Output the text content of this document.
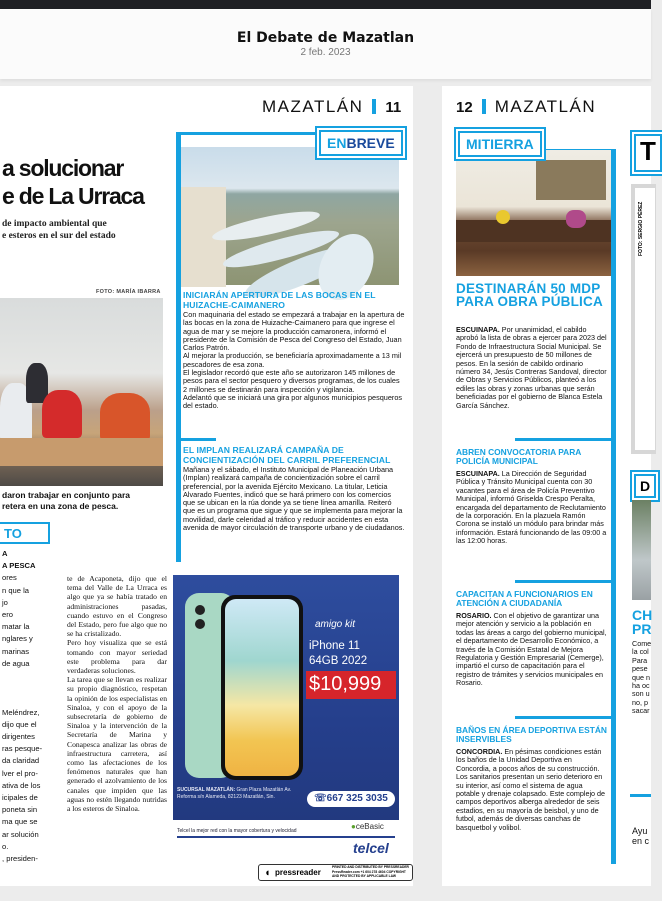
El Debate de Mazatlan
2 feb. 2023
MAZATLÁN 11
a solucionar
e de La Urraca
de impacto ambiental que
e esteros en el sur del estado
FOTO: MARÍA IBARRA
daron trabajar en conjunto para
retera en una zona de pesca.
TO
A
A PESCA
ores
n que la
jo
ero
matar la
nglares y
marinas
de agua

Meléndrez,
dijo que el
dirigentes
ras pesque-
da claridad
lver el pro-
ativa de los
icipales de
poneta sin
ma que se
ar solución
o.
, presiden-
te de Acaponeta, dijo que el tema del Valle de La Urraca es algo que ya se había tratado en administraciones pasadas, cuando estuvo en el Congreso del Estado, pero fue algo que no se ha cristalizado.
Pero hoy visualiza que se está tomando con mayor seriedad este problema para dar verdaderas soluciones.
La tarea que se llevan es realizar su propio diagnóstico, respetan la opinión de los especialistas en Sinaloa, y con el apoyo de la subsecretaría de gobierno de Sinaloa y la intervención de la Secretaría de Marina y Conapesca analizar las obras de infraestructura carretera, así como las afectaciones de los fenómenos naturales que han generado el azolvamiento de los canales que impiden que las aguas no estén llegando nutridas a los esteros de Sinaloa.
ENBREVE
INICIARÁN APERTURA DE LAS BOCAS EN EL HUIZACHE-CAIMANERO
Con maquinaria del estado se empezará a trabajar en la apertura de las bocas en la zona de Huizache-Caimanero para que ingrese el agua de mar y se mejore la producción camaronera, informó el presidente de la Comisión de Pesca del Congreso del Estado, Juan Carlos Patrón.
Al mejorar la producción, se beneficiaría aproximadamente a 13 mil pescadores de esa zona.
El legislador recordó que este año se autorizaron 145 millones de pesos para el sector pesquero y diversos programas, de los cuales 2 millones se destinarán para inspección y vigilancia.
Adelantó que se iniciará una gira por algunos municipios pesqueros del estado.
EL IMPLAN REALIZARÁ CAMPAÑA DE CONCIENTIZACIÓN DEL CARRIL PREFERENCIAL
Mañana y el sábado, el Instituto Municipal de Planeación Urbana (Implan) realizará campaña de concientización sobre el carril preferencial, por la avenida Ejército Mexicano. La titular, Leticia Alvarado Fuentes, indicó que se hará primero con los comercios que se ubican en la rúa donde ya se tiene línea amarilla. Reiteró que es un programa que sigue y que se implementa para mejorar la movilidad, darle celeridad al tráfico y reducir accidentes en esta avenida de mayor circulación de transporte urbano y de ciudadanos.
amigo kit
iPhone 11
64GB 2022
$10,999
SUCURSAL MAZATLÁN: Gran Plaza Mazatlán Av. Reforma s/n Alameda, 82123 Mazatlán, Sin.	☏667 325 3035
Telcel la mejor red con la mayor cobertura y velocidad	●ceBasic
telcel
◖ pressreader
PRINTED AND DISTRIBUTED BY PRESSREADER PressReader.com +1 604 278 4604 COPYRIGHT AND PROTECTED BY APPLICABLE LAW
12 MAZATLÁN
MITIERRA
DESTINARÁN 50 MDP PARA OBRA PÚBLICA
ESCUINAPA. Por unanimidad, el cabildo aprobó la lista de obras a ejercer para 2023 del Fondo de Infraestructura Social Municipal. Se ejercerá un presupuesto de 50 millones de pesos. En la sesión de cabildo ordinario número 34, Jesús Contreras Sandoval, director de Obras y Servicios Públicos, planteó a los ediles las obras y zonas urbanas que serán beneficiadas por el gobierno de Blanca Estela García Sánchez.
ABREN CONVOCATORIA PARA POLICÍA MUNICIPAL
ESCUINAPA. La Dirección de Seguridad Pública y Tránsito Municipal cuenta con 30 vacantes para el área de Policía Preventivo Municipal, informó Griselda Crespo Peralta, encargada del departamento de Reclutamiento de la corporación. En la plazuela Ramón Corona se instaló un módulo para brindar más información. Estará funcionando de las 09:00 a las 12:00 horas.
CAPACITAN A FUNCIONARIOS EN ATENCIÓN A CIUDADANÍA
ROSARIO. Con el objetivo de garantizar una mejor atención y servicio a la población en todas las áreas a cargo del gobierno municipal, el departamento de Desarrollo Económico, a través de la Comisión Estatal de Mejora Regulatoria y Gestión Empresarial (Cemerge), impartió el curso de capacitación para el registro de trámites y servicios municipales en Rosario.
BAÑOS EN ÁREA DEPORTIVA ESTÁN INSERVIBLES
CONCORDIA. En pésimas condiciones están los baños de la Unidad Deportiva en Concordia, a pocos años de su construcción. Los sanitarios presentan un serio deterioro en su interior, así como el sistema de agua potable y drenaje colapsado. Este complejo de campos deportivos alberga alrededor de seis estadios, en su mayoría de beisbol, y uno de futbol, además de diversas canchas de basquetbol y volibol.
T
FOTO: SERGIO PÉREZ
D
CH
PR
Come
la col
Para
pese
que n
ha oc
son u
no, p
sacar
Ayu
en c
